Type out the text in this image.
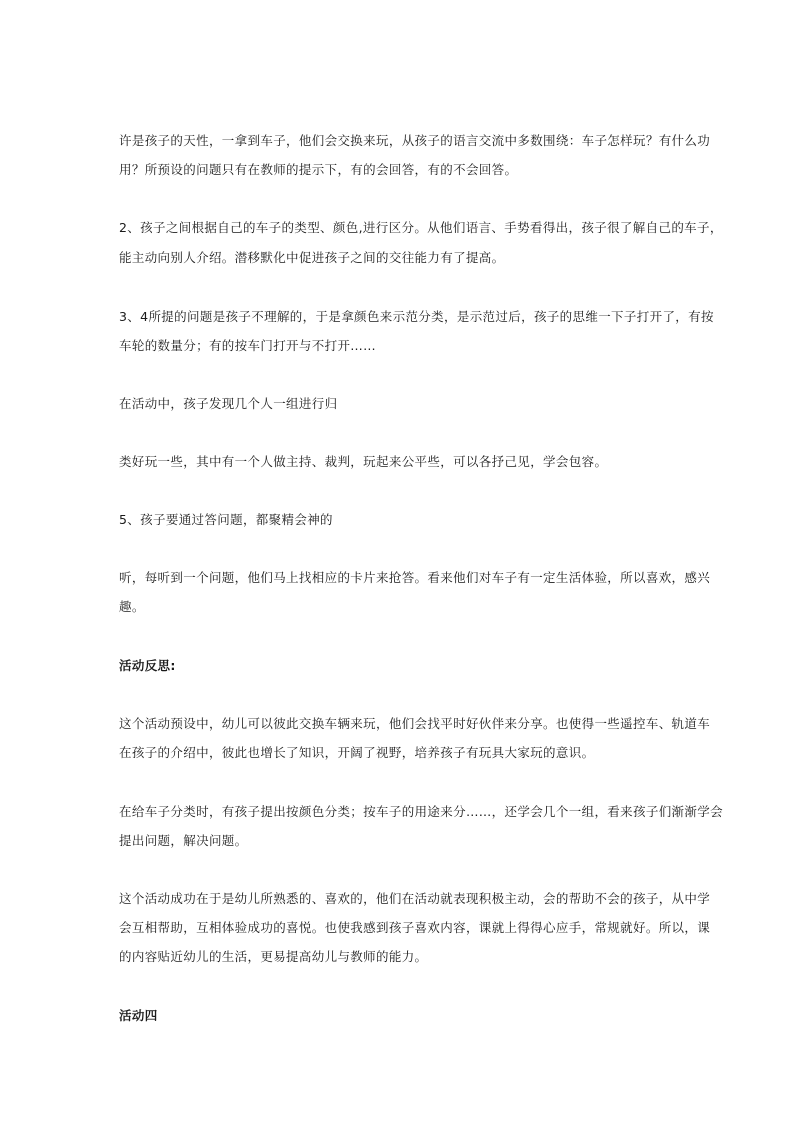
许是孩子的天性，一拿到车子，他们会交换来玩，从孩子的语言交流中多数围绕：车子怎样玩？有什么功

用？所预设的问题只有在教师的提示下，有的会回答，有的不会回答。

2、孩子之间根据自己的车子的类型、颜色,进行区分。从他们语言、手势看得出，孩子很了解自己的车子，

能主动向别人介绍。潜移默化中促进孩子之间的交往能力有了提高。

3、4所提的问题是孩子不理解的，于是拿颜色来示范分类，是示范过后，孩子的思维一下子打开了，有按

车轮的数量分；有的按车门打开与不打开……

在活动中，孩子发现几个人一组进行归

类好玩一些，其中有一个人做主持、裁判，玩起来公平些，可以各抒己见，学会包容。

5、孩子要通过答问题，都聚精会神的

听，每听到一个问题，他们马上找相应的卡片来抢答。看来他们对车子有一定生活体验，所以喜欢，感兴

趣。

活动反思:

这个活动预设中，幼儿可以彼此交换车辆来玩，他们会找平时好伙伴来分享。也使得一些遥控车、轨道车

在孩子的介绍中，彼此也增长了知识，开阔了视野，培养孩子有玩具大家玩的意识。

在给车子分类时，有孩子提出按颜色分类；按车子的用途来分……，还学会几个一组，看来孩子们渐渐学会

提出问题，解决问题。

这个活动成功在于是幼儿所熟悉的、喜欢的，他们在活动就表现积极主动，会的帮助不会的孩子，从中学

会互相帮助，互相体验成功的喜悦。也使我感到孩子喜欢内容，课就上得得心应手，常规就好。所以，课

的内容贴近幼儿的生活，更易提高幼儿与教师的能力。

活动四
